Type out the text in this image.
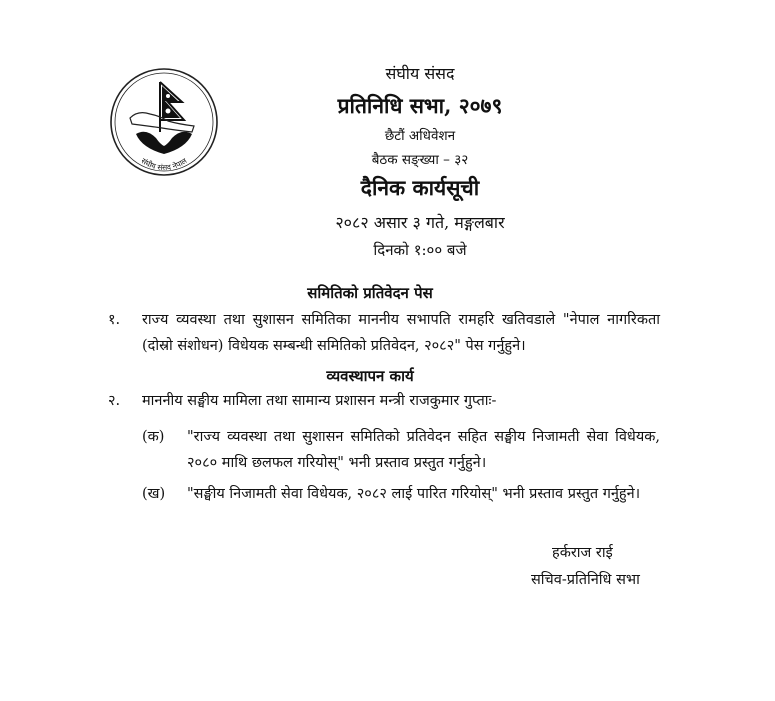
संघीय संसद नेपाल
संघीय संसद
प्रतिनिधि सभा, २०७९
छैटौं अधिवेशन
बैठक सङ्ख्या – ३२
दैनिक कार्यसूची
२०८२ असार ३ गते, मङ्गलबार
दिनको १:०० बजे
समितिको प्रतिवेदन पेस
१. राज्य व्यवस्था तथा सुशासन समितिका माननीय सभापति रामहरि खतिवडाले "नेपाल नागरिकता (दोस्रो संशोधन) विधेयक सम्बन्धी समितिको प्रतिवेदन, २०८२" पेस गर्नुहुने।
व्यवस्थापन कार्य
२. माननीय सङ्घीय मामिला तथा सामान्य प्रशासन मन्त्री राजकुमार गुप्ताः-
(क) "राज्य व्यवस्था तथा सुशासन समितिको प्रतिवेदन सहित सङ्घीय निजामती सेवा विधेयक, २०८० माथि छलफल गरियोस्" भनी प्रस्ताव प्रस्तुत गर्नुहुने।
(ख) "सङ्घीय निजामती सेवा विधेयक, २०८२ लाई पारित गरियोस्" भनी प्रस्ताव प्रस्तुत गर्नुहुने।
हर्कराज राई
सचिव-प्रतिनिधि सभा
